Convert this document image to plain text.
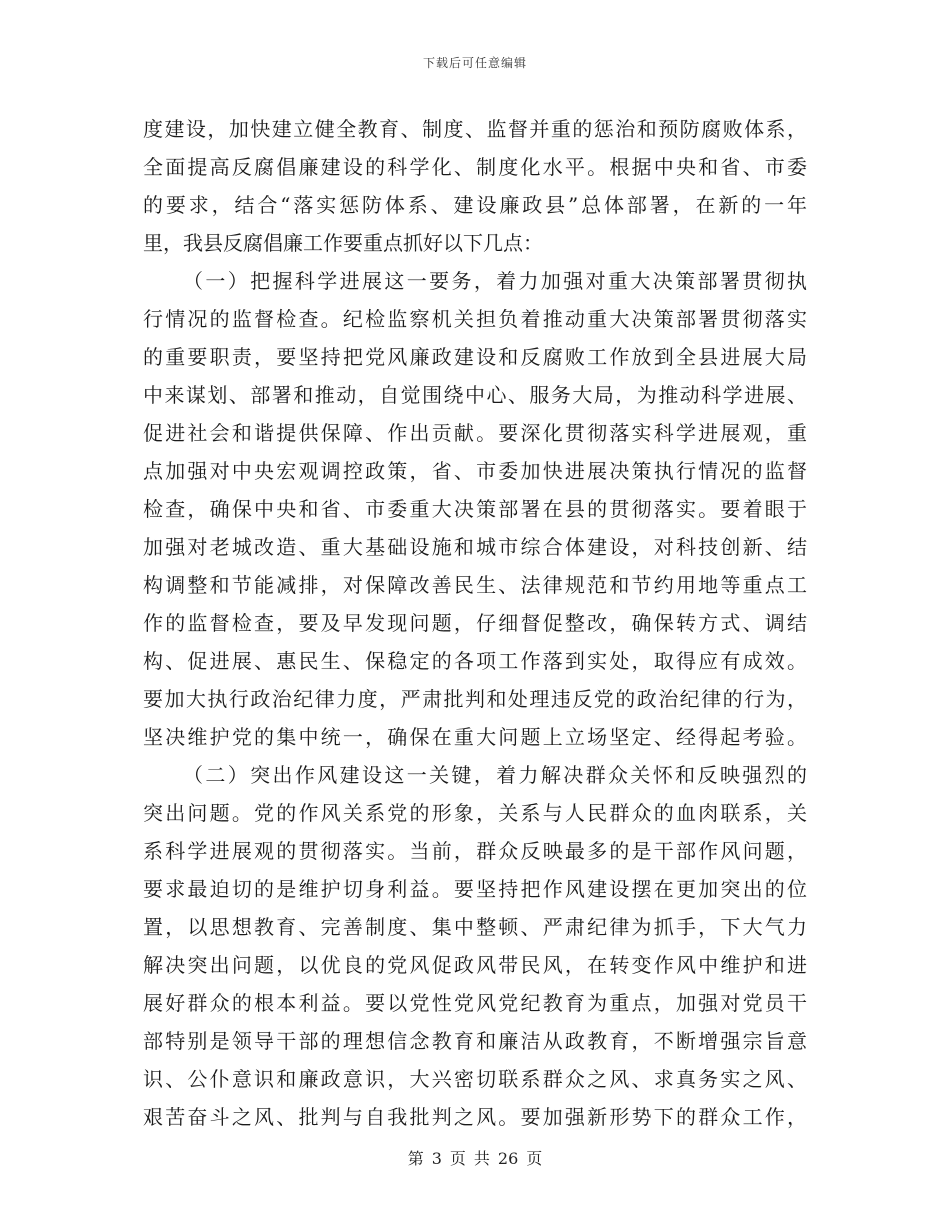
下载后可任意编辑
度建设，加快建立健全教育、制度、监督并重的惩治和预防腐败体系，
全面提高反腐倡廉建设的科学化、制度化水平。根据中央和省、市委
的要求，结合“落实惩防体系、建设廉政县”总体部署，在新的一年
里，我县反腐倡廉工作要重点抓好以下几点：
（一）把握科学进展这一要务，着力加强对重大决策部署贯彻执
行情况的监督检查。纪检监察机关担负着推动重大决策部署贯彻落实
的重要职责，要坚持把党风廉政建设和反腐败工作放到全县进展大局
中来谋划、部署和推动，自觉围绕中心、服务大局，为推动科学进展、
促进社会和谐提供保障、作出贡献。要深化贯彻落实科学进展观，重
点加强对中央宏观调控政策，省、市委加快进展决策执行情况的监督
检查，确保中央和省、市委重大决策部署在县的贯彻落实。要着眼于
加强对老城改造、重大基础设施和城市综合体建设，对科技创新、结
构调整和节能减排，对保障改善民生、法律规范和节约用地等重点工
作的监督检查，要及早发现问题，仔细督促整改，确保转方式、调结
构、促进展、惠民生、保稳定的各项工作落到实处，取得应有成效。
要加大执行政治纪律力度，严肃批判和处理违反党的政治纪律的行为，
坚决维护党的集中统一，确保在重大问题上立场坚定、经得起考验。
（二）突出作风建设这一关键，着力解决群众关怀和反映强烈的
突出问题。党的作风关系党的形象，关系与人民群众的血肉联系，关
系科学进展观的贯彻落实。当前，群众反映最多的是干部作风问题，
要求最迫切的是维护切身利益。要坚持把作风建设摆在更加突出的位
置，以思想教育、完善制度、集中整顿、严肃纪律为抓手，下大气力
解决突出问题，以优良的党风促政风带民风，在转变作风中维护和进
展好群众的根本利益。要以党性党风党纪教育为重点，加强对党员干
部特别是领导干部的理想信念教育和廉洁从政教育，不断增强宗旨意
识、公仆意识和廉政意识，大兴密切联系群众之风、求真务实之风、
艰苦奋斗之风、批判与自我批判之风。要加强新形势下的群众工作，
第 3 页 共 26 页
